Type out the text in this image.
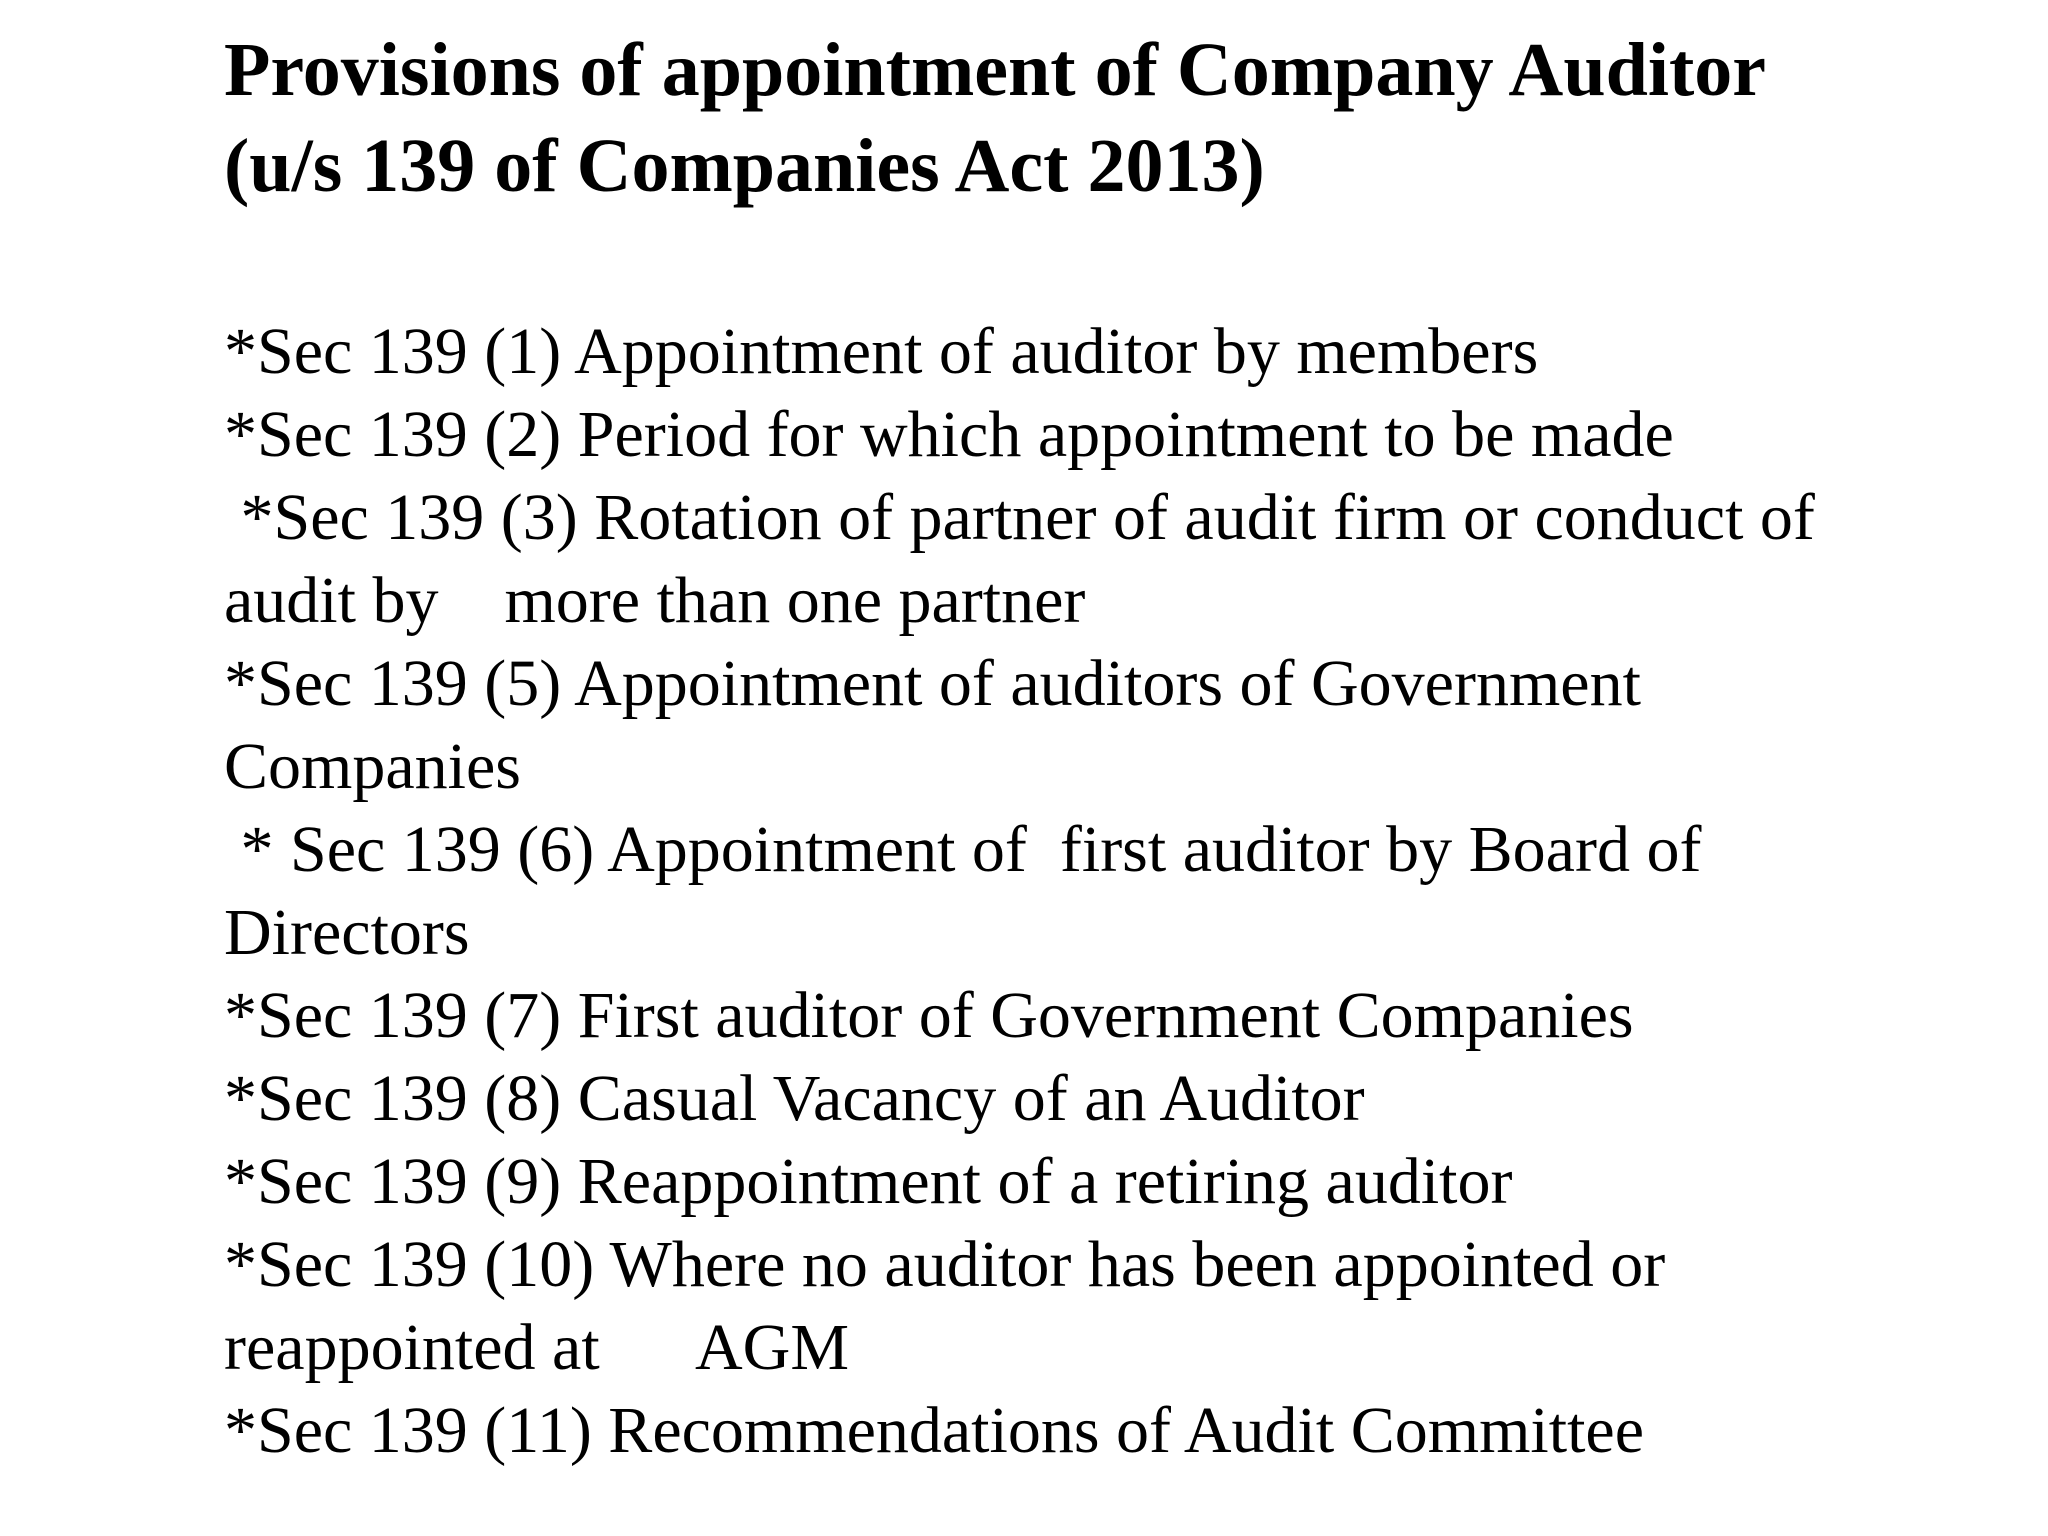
Provisions of appointment of Company Auditor
(u/s 139 of Companies Act 2013)
*Sec 139 (1) Appointment of auditor by members
*Sec 139 (2) Period for which appointment to be made
*Sec 139 (3) Rotation of partner of audit firm or conduct of
audit by    more than one partner
*Sec 139 (5) Appointment of auditors of Government
Companies
* Sec 139 (6) Appointment of  first auditor by Board of
Directors
*Sec 139 (7) First auditor of Government Companies
*Sec 139 (8) Casual Vacancy of an Auditor
*Sec 139 (9) Reappointment of a retiring auditor
*Sec 139 (10) Where no auditor has been appointed or
reappointed at      AGM
*Sec 139 (11) Recommendations of Audit Committee
